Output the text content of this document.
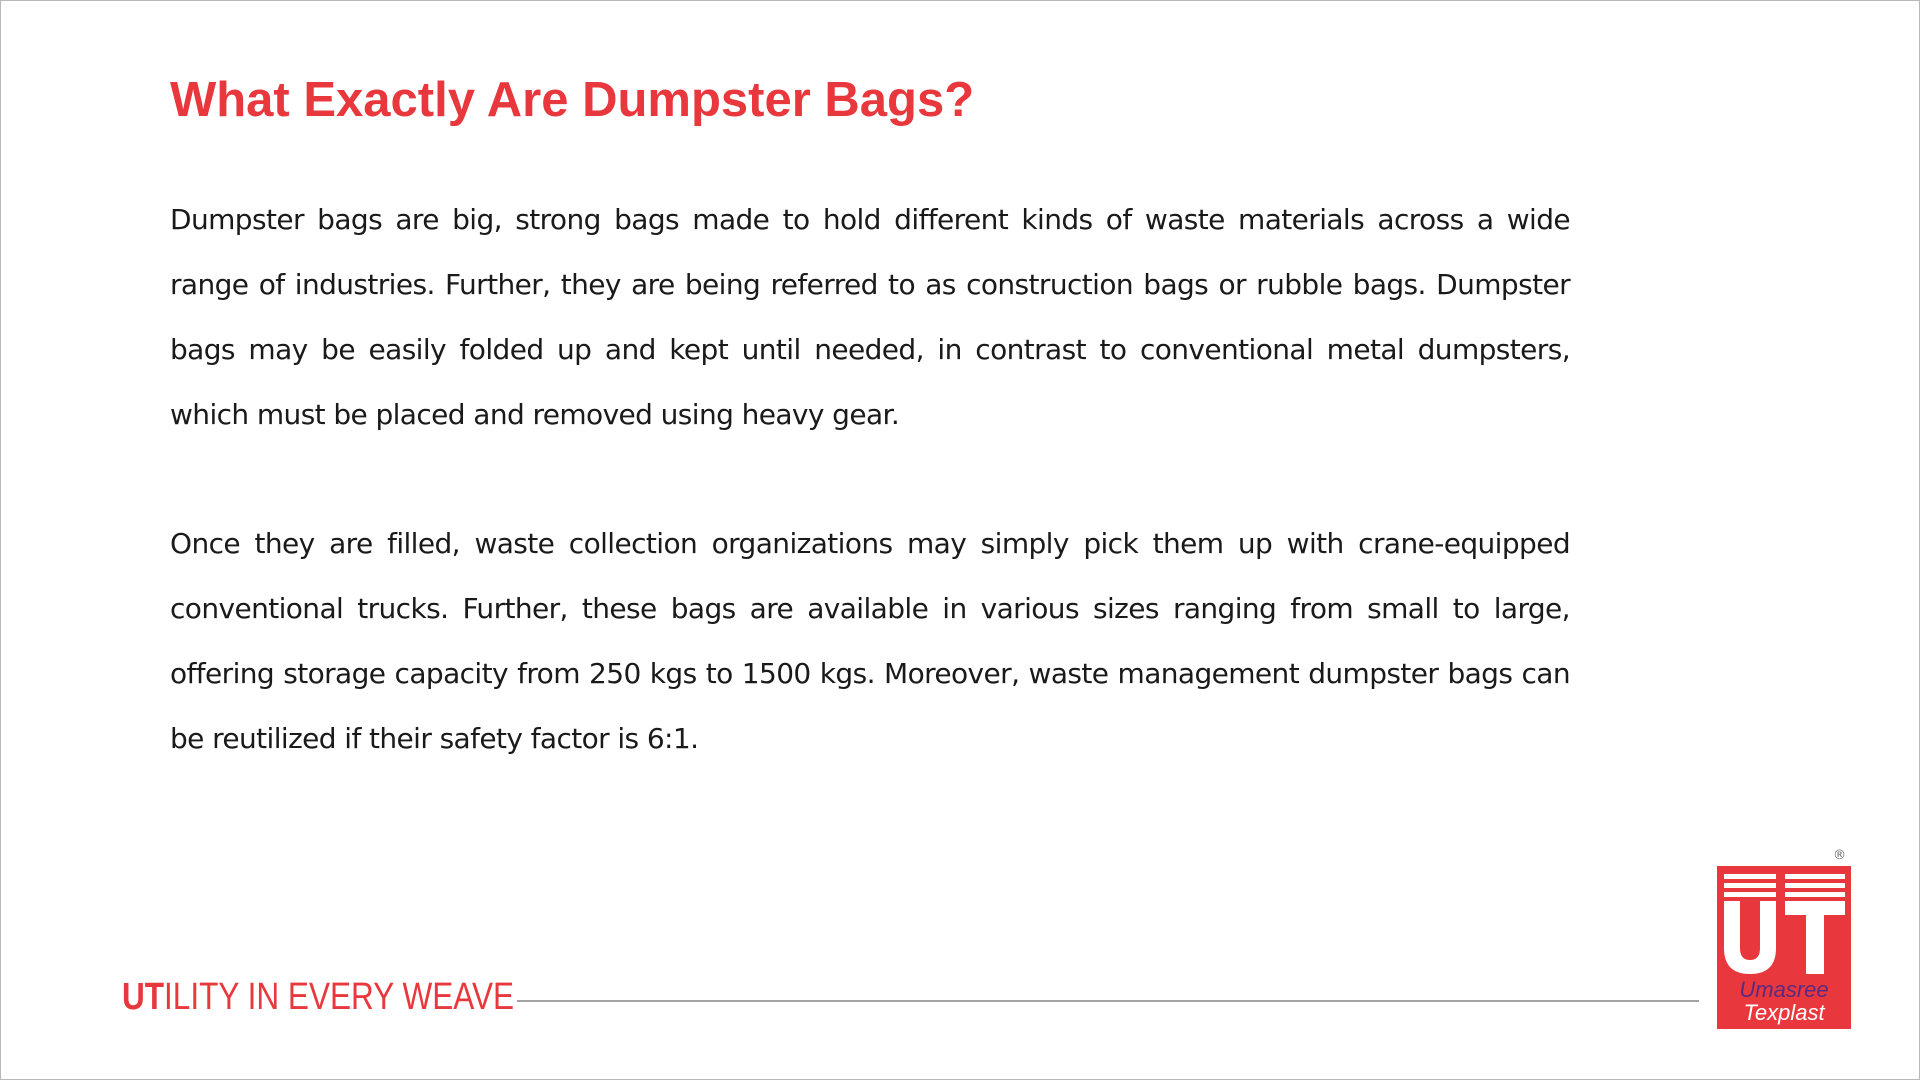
What Exactly Are Dumpster Bags?

Dumpster bags are big, strong bags made to hold different kinds of waste materials across a wide range of industries. Further, they are being referred to as construction bags or rubble bags. Dumpster bags may be easily folded up and kept until needed, in contrast to conventional metal dumpsters, which must be placed and removed using heavy gear.

Once they are filled, waste collection organizations may simply pick them up with crane-equipped conventional trucks. Further, these bags are available in various sizes ranging from small to large, offering storage capacity from 250 kgs to 1500 kgs. Moreover, waste management dumpster bags can be reutilized if their safety factor is 6:1.

UTILITY IN EVERY WEAVE
®
Umasree
Texplast
